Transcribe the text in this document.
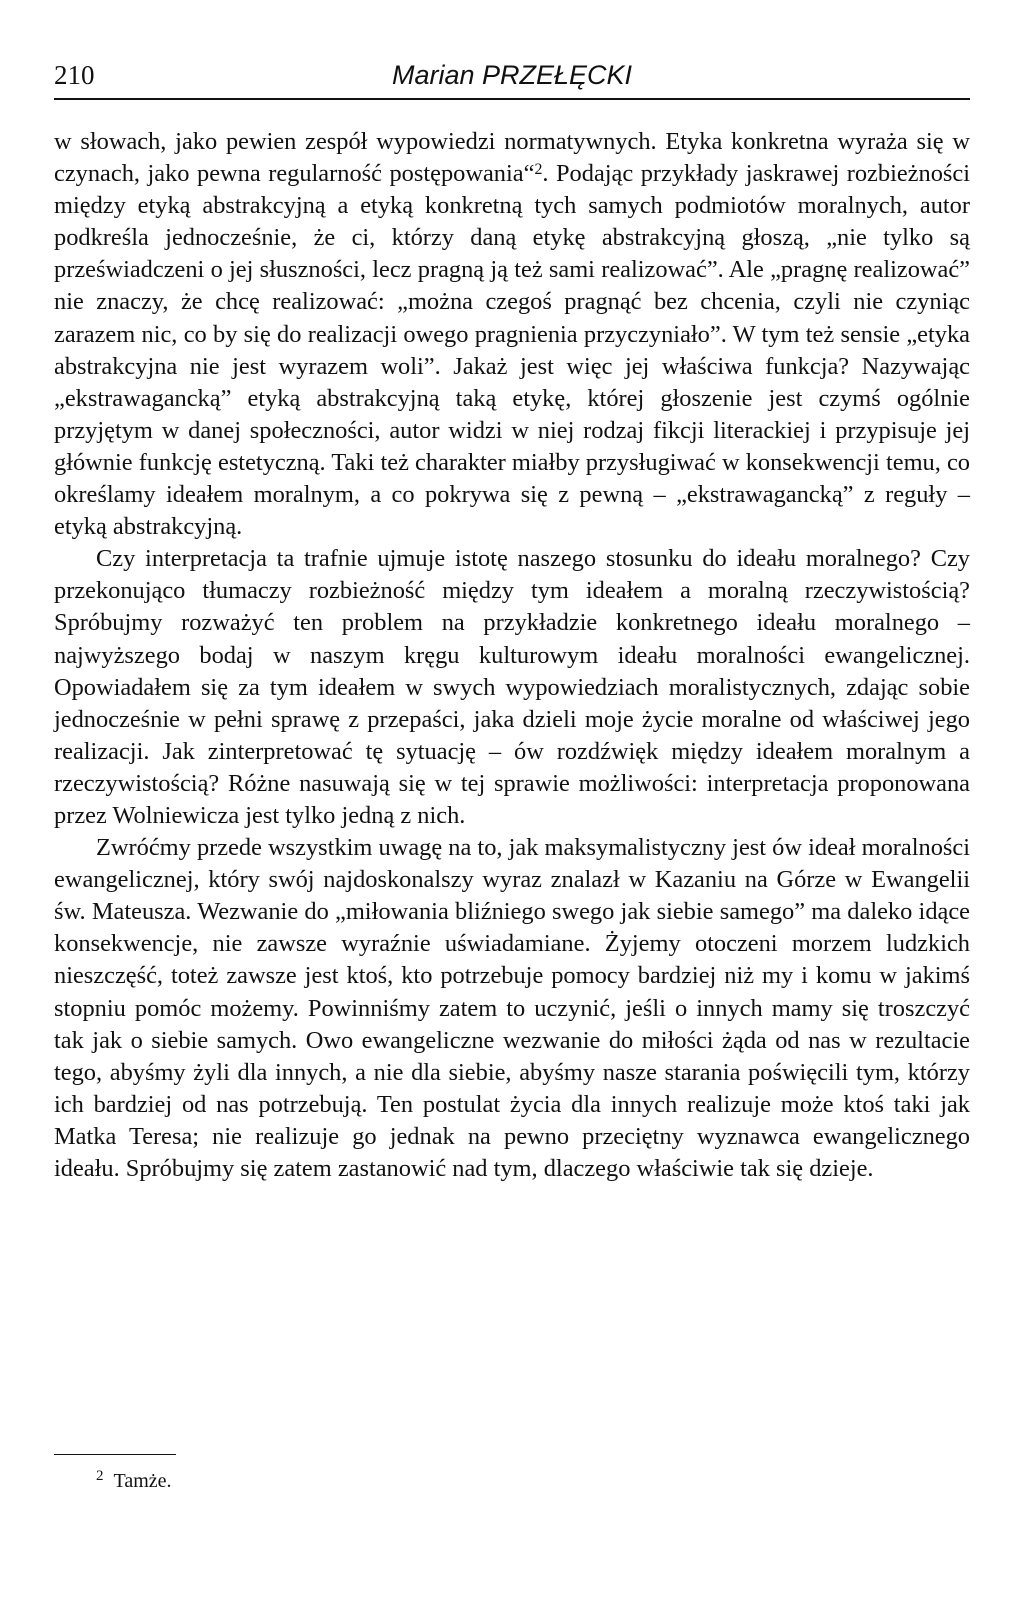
210	Marian PRZEŁĘCKI

w słowach, jako pewien zespół wypowiedzi normatywnych. Etyka konkretna wyraża się w czynach, jako pewna regularność postępowania“$^2$. Podając przykłady jaskrawej rozbieżności między etyką abstrakcyjną a etyką konkretną tych samych podmiotów moralnych, autor podkreśla jednocześnie, że ci, którzy daną etykę abstrakcyjną głoszą, „nie tylko są przeświadczeni o jej słuszności, lecz pragną ją też sami realizować”. Ale „pragnę realizować” nie znaczy, że chcę realizować: „można czegoś pragnąć bez chcenia, czyli nie czyniąc zarazem nic, co by się do realizacji owego pragnienia przyczyniało”. W tym też sensie „etyka abstrakcyjna nie jest wyrazem woli”. Jakaż jest więc jej właściwa funkcja? Nazywając „ekstrawagancką” etyką abstrakcyjną taką etykę, której głoszenie jest czymś ogólnie przyjętym w danej społeczności, autor widzi w niej rodzaj fikcji literackiej i przypisuje jej głównie funkcję estetyczną. Taki też charakter miałby przysługiwać w konsekwencji temu, co określamy ideałem moralnym, a co pokrywa się z pewną – „ekstrawagancką” z reguły – etyką abstrakcyjną.

Czy interpretacja ta trafnie ujmuje istotę naszego stosunku do ideału moralnego? Czy przekonująco tłumaczy rozbieżność między tym ideałem a moralną rzeczywistością? Spróbujmy rozważyć ten problem na przykładzie konkretnego ideału moralnego – najwyższego bodaj w naszym kręgu kulturowym ideału moralności ewangelicznej. Opowiadałem się za tym ideałem w swych wypowiedziach moralistycznych, zdając sobie jednocześnie w pełni sprawę z przepaści, jaka dzieli moje życie moralne od właściwej jego realizacji. Jak zinterpretować tę sytuację – ów rozdźwięk między ideałem moralnym a rzeczywistością? Różne nasuwają się w tej sprawie możliwości: interpretacja proponowana przez Wolniewicza jest tylko jedną z nich.

Zwróćmy przede wszystkim uwagę na to, jak maksymalistyczny jest ów ideał moralności ewangelicznej, który swój najdoskonalszy wyraz znalazł w Kazaniu na Górze w Ewangelii św. Mateusza. Wezwanie do „miłowania bliźniego swego jak siebie samego” ma daleko idące konsekwencje, nie zawsze wyraźnie uświadamiane. Żyjemy otoczeni morzem ludzkich nieszczęść, toteż zawsze jest ktoś, kto potrzebuje pomocy bardziej niż my i komu w jakimś stopniu pomóc możemy. Powinniśmy zatem to uczynić, jeśli o innych mamy się troszczyć tak jak o siebie samych. Owo ewangeliczne wezwanie do miłości żąda od nas w rezultacie tego, abyśmy żyli dla innych, a nie dla siebie, abyśmy nasze starania poświęcili tym, którzy ich bardziej od nas potrzebują. Ten postulat życia dla innych realizuje może ktoś taki jak Matka Teresa; nie realizuje go jednak na pewno przeciętny wyznawca ewangelicznego ideału. Spróbujmy się zatem zastanowić nad tym, dlaczego właściwie tak się dzieje.

$^2$ Tamże.
